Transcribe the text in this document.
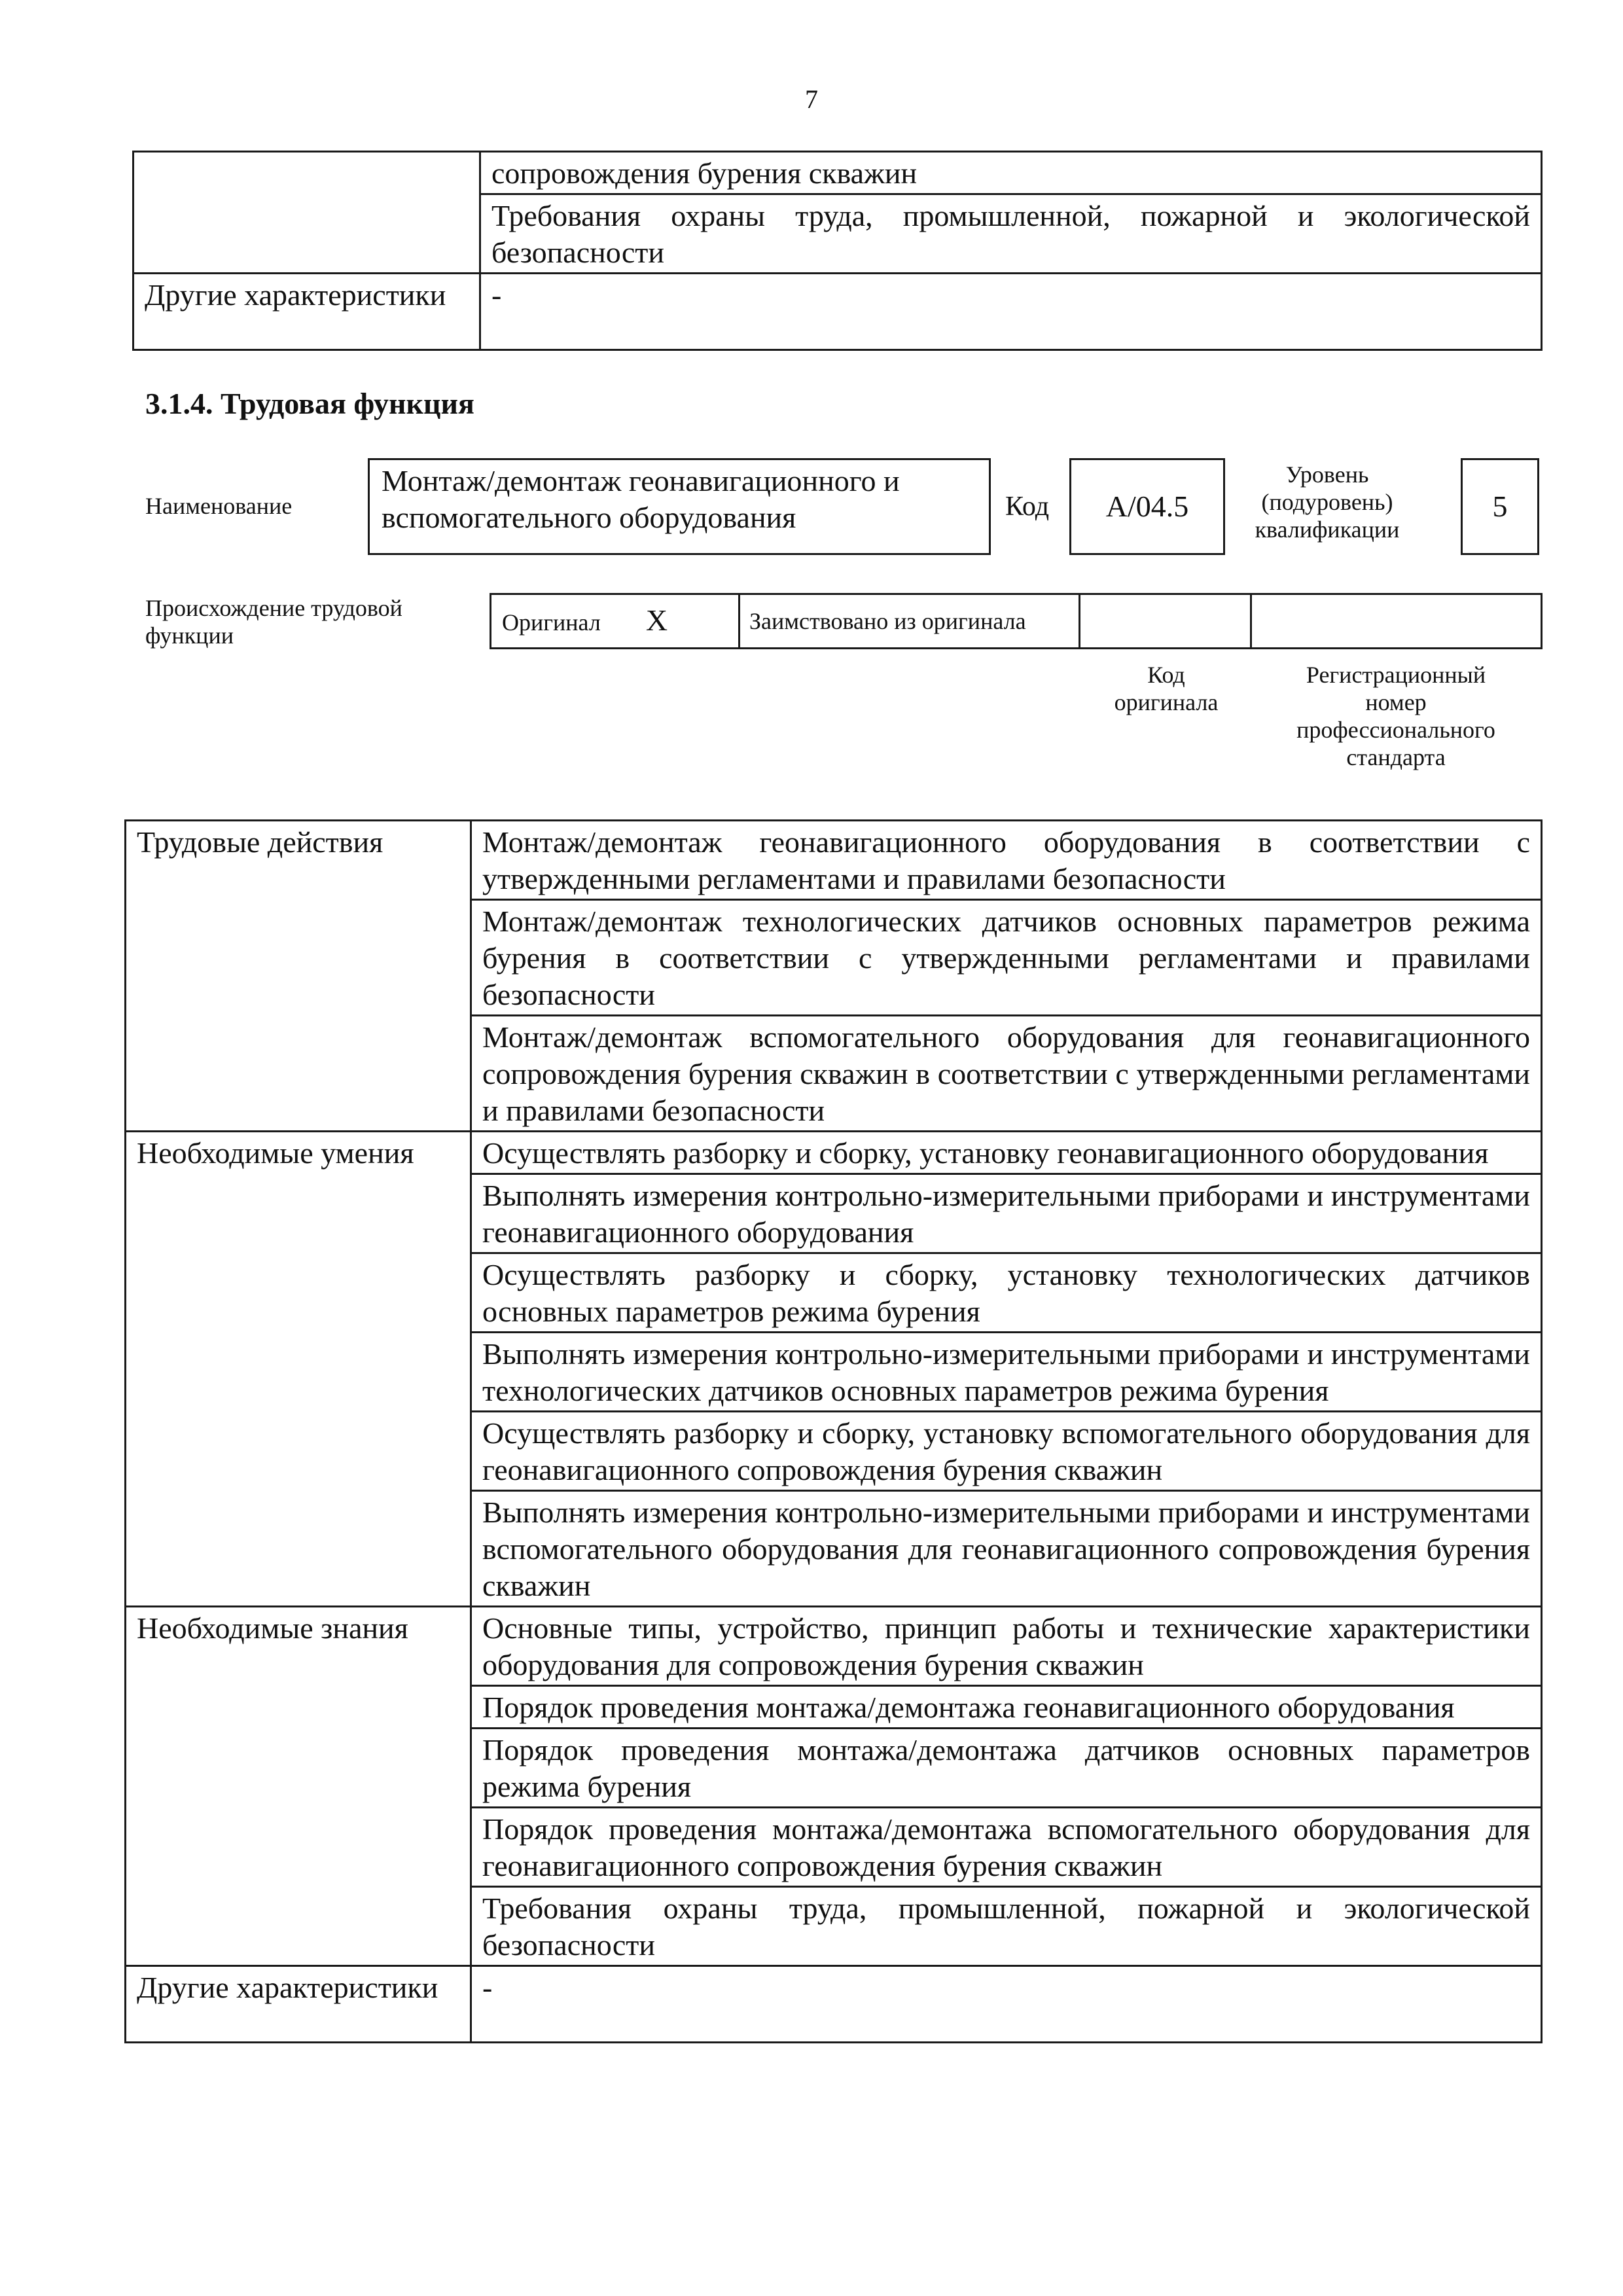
7
	сопровождения бурения скважин
	Требования охраны труда, промышленной, пожарной и экологической безопасности
Другие характеристики	-
3.1.4. Трудовая функция
Наименование
Монтаж/демонтаж геонавигационного и вспомогательного оборудования	Код А/04.5
Уровень (подуровень) квалификации
5
Происхождение трудовой функции
Оригинал X	Заимствовано из оригинала		
Код оригинала
Регистрационный номер профессионального стандарта
Трудовые действия	Монтаж/демонтаж геонавигационного оборудования в соответствии с утвержденными регламентами и правилами безопасности
	Монтаж/демонтаж технологических датчиков основных параметров режима бурения в соответствии с утвержденными регламентами и правилами безопасности
	Монтаж/демонтаж вспомогательного оборудования для геонавигационного сопровождения бурения скважин в соответствии с утвержденными регламентами и правилами безопасности
Необходимые умения	Осуществлять разборку и сборку, установку геонавигационного оборудования
	Выполнять измерения контрольно-измерительными приборами и инструментами геонавигационного оборудования
	Осуществлять разборку и сборку, установку технологических датчиков основных параметров режима бурения
	Выполнять измерения контрольно-измерительными приборами и инструментами технологических датчиков основных параметров режима бурения
	Осуществлять разборку и сборку, установку вспомогательного оборудования для геонавигационного сопровождения бурения скважин
	Выполнять измерения контрольно-измерительными приборами и инструментами вспомогательного оборудования для геонавигационного сопровождения бурения скважин
Необходимые знания	Основные типы, устройство, принцип работы и технические характеристики оборудования для сопровождения бурения скважин
	Порядок проведения монтажа/демонтажа геонавигационного оборудования
	Порядок проведения монтажа/демонтажа датчиков основных параметров режима бурения
	Порядок проведения монтажа/демонтажа вспомогательного оборудования для геонавигационного сопровождения бурения скважин
	Требования охраны труда, промышленной, пожарной и экологической безопасности
Другие характеристики	-
